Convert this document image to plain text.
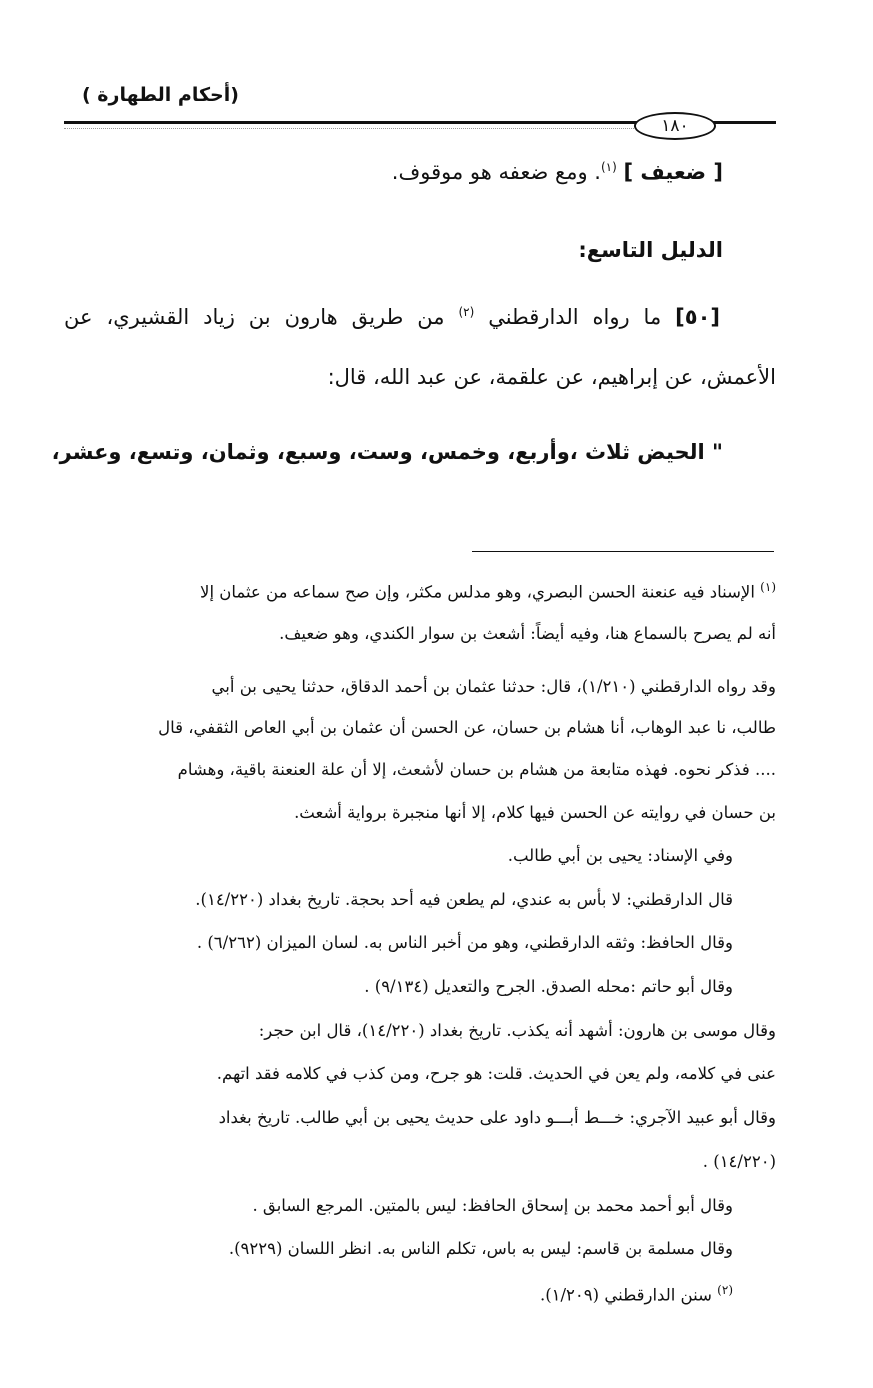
(أحكام الطهارة )
١٨٠
[ ضعيف ] $^{(١)}$. ومع ضعفه هو موقوف.
الدليل التاسع:
[٥٠] ما رواه الدارقطني $^{(٢)}$ من طريق هارون بن زياد القشيري، عن
الأعمش، عن إبراهيم، عن علقمة، عن عبد الله، قال:
" الحيض ثلاث ،وأربع، وخمس، وست، وسبع، وثمان، وتسع، وعشر،
$^{(١)}$ الإسناد فيه عنعنة الحسن البصري، وهو مدلس مكثر، وإن صح سماعه من عثمان إلا
أنه لم يصرح بالسماع هنا، وفيه أيضاً: أشعث بن سوار الكندي، وهو ضعيف.
وقد رواه الدارقطني (١/٢١٠)، قال: حدثنا عثمان بن أحمد الدقاق، حدثنا يحيى بن أبي
طالب، نا عبد الوهاب، أنا هشام بن حسان، عن الحسن أن عثمان بن أبي العاص الثقفي، قال
.... فذكر نحوه. فهذه متابعة من هشام بن حسان لأشعث، إلا أن علة العنعنة باقية، وهشام
بن حسان في روايته عن الحسن فيها كلام، إلا أنها منجبرة برواية أشعث.
وفي الإسناد: يحيى بن أبي طالب.
قال الدارقطني: لا بأس به عندي، لم يطعن فيه أحد بحجة. تاريخ بغداد (١٤/٢٢٠).
وقال الحافظ: وثقه الدارقطني، وهو من أخبر الناس به. لسان الميزان (٦/٢٦٢) .
وقال أبو حاتم :محله الصدق. الجرح والتعديل (٩/١٣٤) .
وقال موسى بن هارون: أشهد أنه يكذب. تاريخ بغداد (١٤/٢٢٠)، قال ابن حجر:
عنى في كلامه، ولم يعن في الحديث. قلت: هو جرح، ومن كذب في كلامه فقد اتهم.
وقال أبو عبيد الآجري: خـــط أبـــو داود على حديث يحيى بن أبي طالب. تاريخ بغداد
(١٤/٢٢٠) .
وقال أبو أحمد محمد بن إسحاق الحافظ: ليس بالمتين. المرجع السابق .
وقال مسلمة بن قاسم: ليس به باس، تكلم الناس به. انظر اللسان (٩٢٢٩).
$^{(٢)}$ سنن الدارقطني (١/٢٠٩).
